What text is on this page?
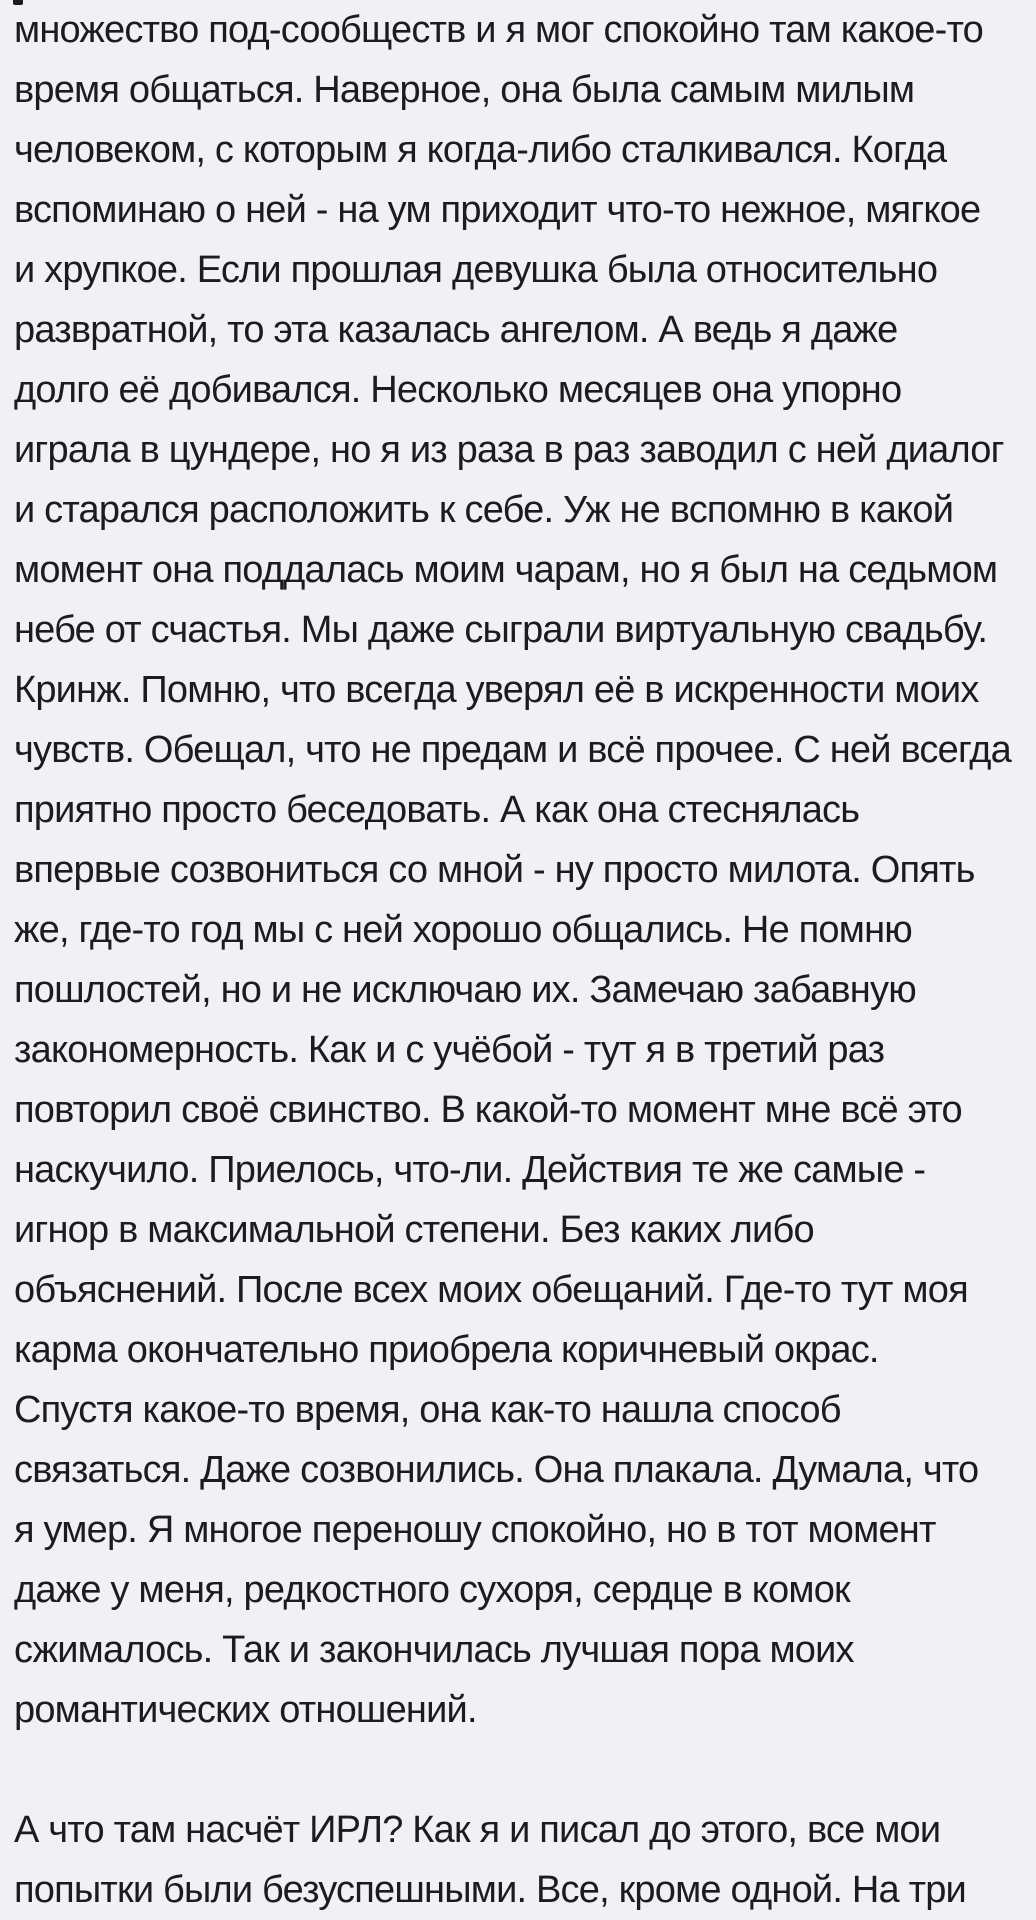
множество под-сообществ и я мог спокойно там какое-то
время общаться. Наверное, она была самым милым
человеком, с которым я когда-либо сталкивался. Когда
вспоминаю о ней - на ум приходит что-то нежное, мягкое
и хрупкое. Если прошлая девушка была относительно
развратной, то эта казалась ангелом. А ведь я даже
долго её добивался. Несколько месяцев она упорно
играла в цундере, но я из раза в раз заводил с ней диалог
и старался расположить к себе. Уж не вспомню в какой
момент она поддалась моим чарам, но я был на седьмом
небе от счастья. Мы даже сыграли виртуальную свадьбу.
Кринж. Помню, что всегда уверял её в искренности моих
чувств. Обещал, что не предам и всё прочее. С ней всегда
приятно просто беседовать. А как она стеснялась
впервые созвониться со мной - ну просто милота. Опять
же, где-то год мы с ней хорошо общались. Не помню
пошлостей, но и не исключаю их. Замечаю забавную
закономерность. Как и с учёбой - тут я в третий раз
повторил своё свинство. В какой-то момент мне всё это
наскучило. Приелось, что-ли. Действия те же самые -
игнор в максимальной степени. Без каких либо
объяснений. После всех моих обещаний. Где-то тут моя
карма окончательно приобрела коричневый окрас.
Спустя какое-то время, она как-то нашла способ
связаться. Даже созвонились. Она плакала. Думала, что
я умер. Я многое переношу спокойно, но в тот момент
даже у меня, редкостного сухоря, сердце в комок
сжималось. Так и закончилась лучшая пора моих
романтических отношений.
А что там насчёт ИРЛ? Как я и писал до этого, все мои
попытки были безуспешными. Все, кроме одной. На три
